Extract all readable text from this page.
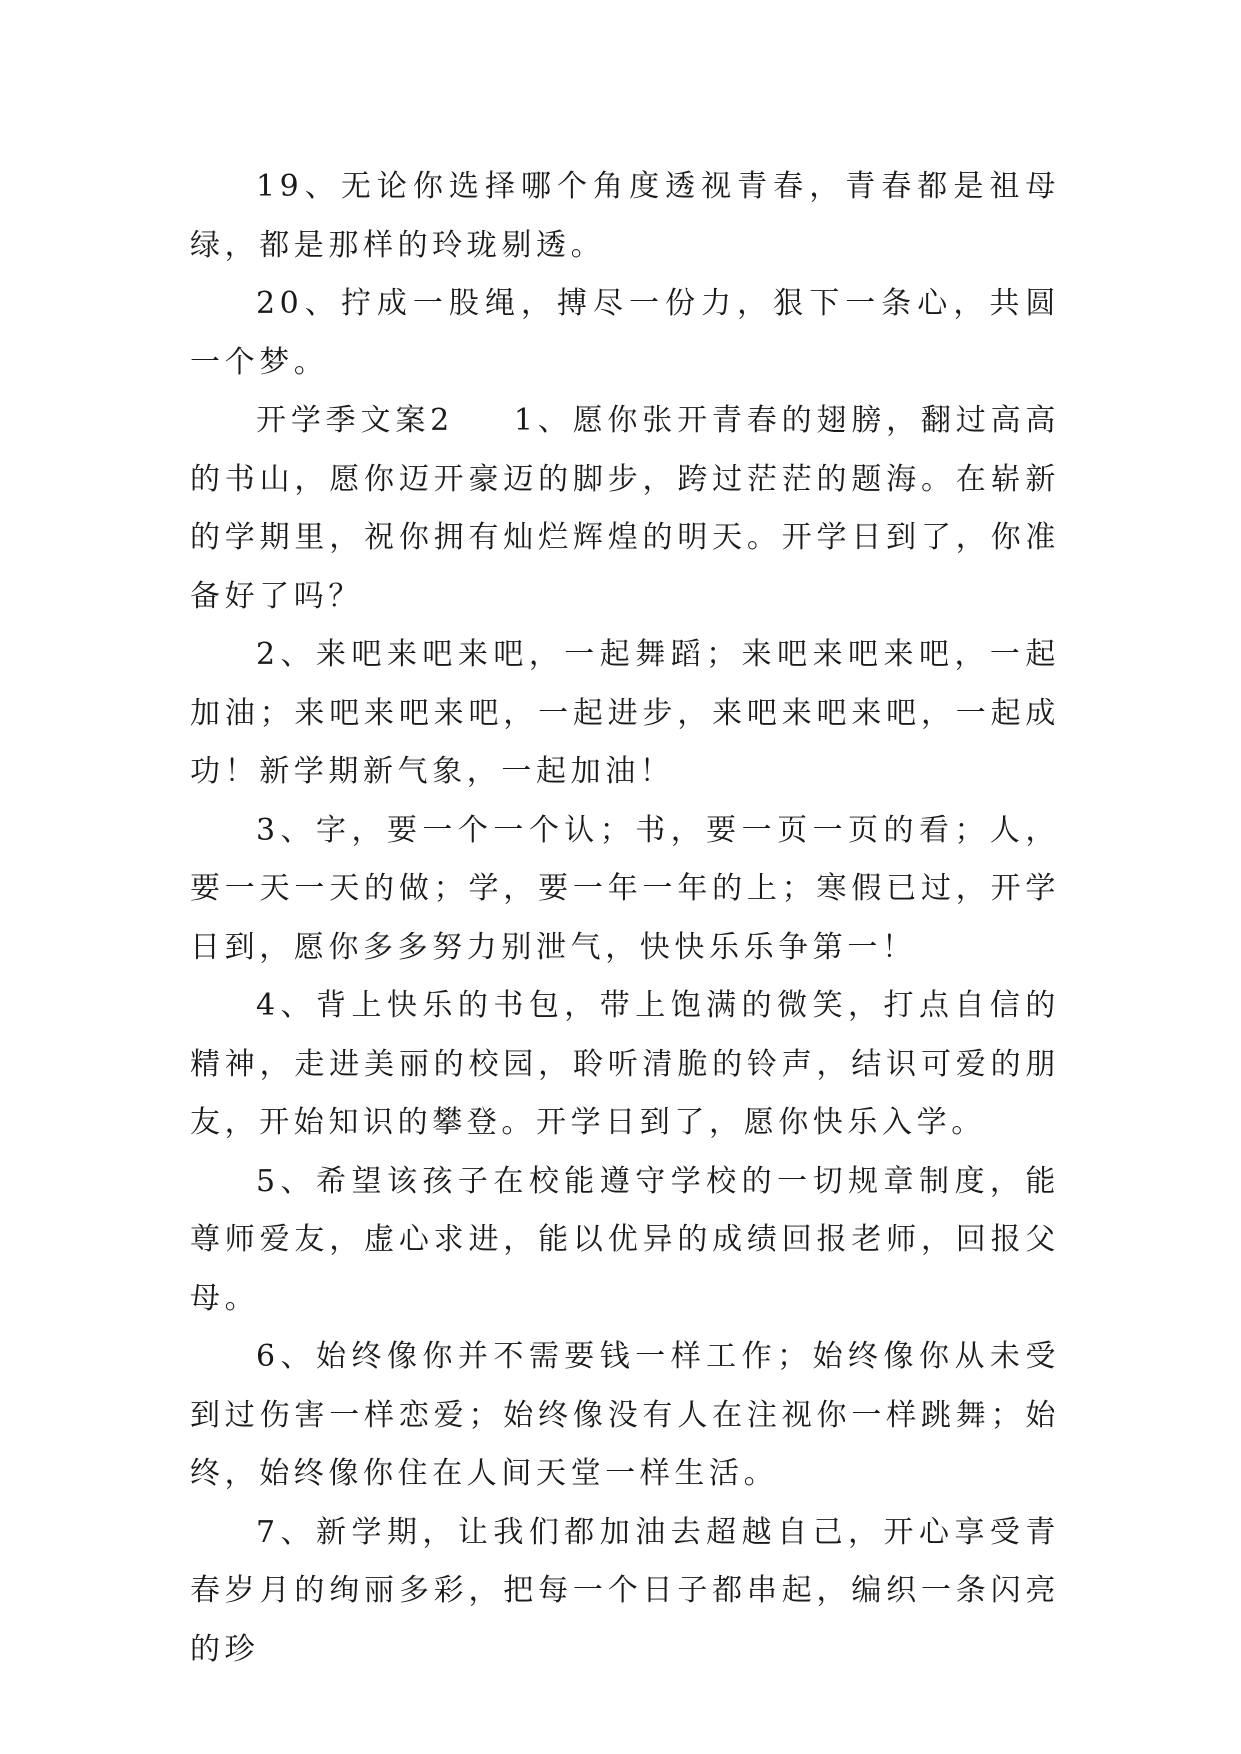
19、无论你选择哪个角度透视青春，青春都是祖母绿，都是那样的玲珑剔透。

20、拧成一股绳，搏尽一份力，狠下一条心，共圆一个梦。

开学季文案2 1、愿你张开青春的翅膀，翻过高高的书山，愿你迈开豪迈的脚步，跨过茫茫的题海。在崭新的学期里，祝你拥有灿烂辉煌的明天。开学日到了，你准备好了吗？

2、来吧来吧来吧，一起舞蹈；来吧来吧来吧，一起加油；来吧来吧来吧，一起进步，来吧来吧来吧，一起成功！新学期新气象，一起加油！

3、字，要一个一个认；书，要一页一页的看；人，要一天一天的做；学，要一年一年的上；寒假已过，开学日到，愿你多多努力别泄气，快快乐乐争第一！

4、背上快乐的书包，带上饱满的微笑，打点自信的精神，走进美丽的校园，聆听清脆的铃声，结识可爱的朋友，开始知识的攀登。开学日到了，愿你快乐入学。

5、希望该孩子在校能遵守学校的一切规章制度，能尊师爱友，虚心求进，能以优异的成绩回报老师，回报父母。

6、始终像你并不需要钱一样工作；始终像你从未受到过伤害一样恋爱；始终像没有人在注视你一样跳舞；始终，始终像你住在人间天堂一样生活。

7、新学期，让我们都加油去超越自己，开心享受青春岁月的绚丽多彩，把每一个日子都串起，编织一条闪亮的珍
